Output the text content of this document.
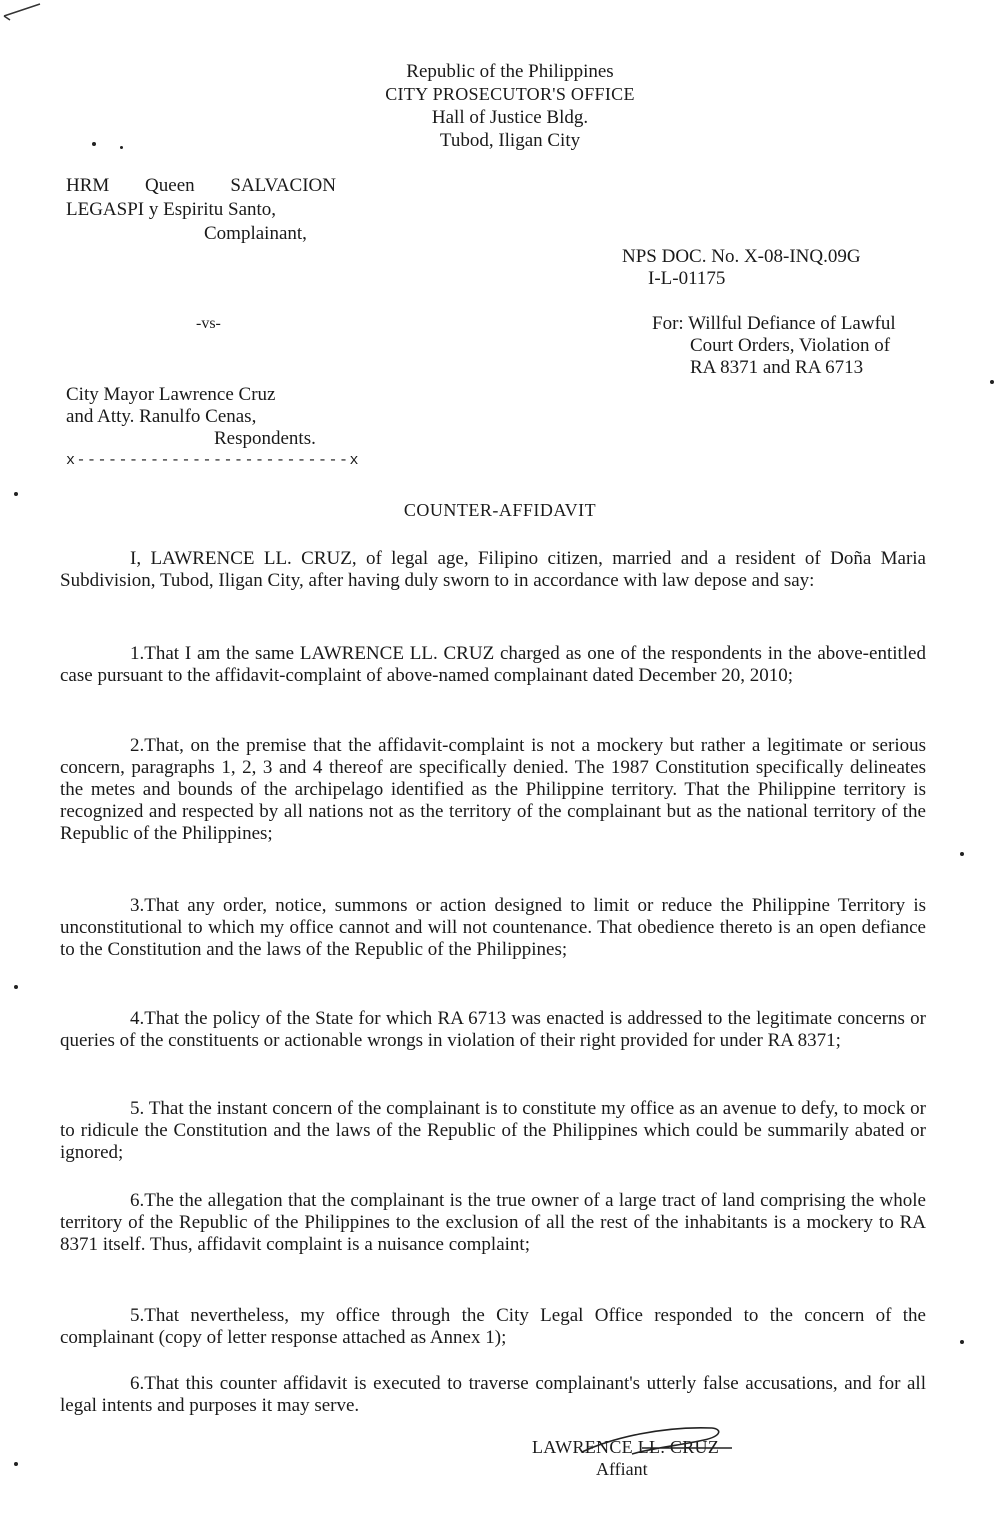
Republic of the Philippines
CITY PROSECUTOR'S OFFICE
Hall of Justice Bldg.
Tubod, Iligan City
HRM Queen SALVACION
LEGASPI y Espiritu Santo,
Complainant,
-vs-
City Mayor Lawrence Cruz
and Atty. Ranulfo Cenas,
Respondents.
x--------------------------x
NPS DOC. No. X-08-INQ.09G
I-L-01175
For: Willful Defiance of Lawful
Court Orders, Violation of
RA 8371 and RA 6713
COUNTER-AFFIDAVIT

I, LAWRENCE LL. CRUZ, of legal age, Filipino citizen, married and a resident of Doña Maria Subdivision, Tubod, Iligan City, after having duly sworn to in accordance with law depose and say:

1.That I am the same LAWRENCE LL. CRUZ charged as one of the respondents in the above-entitled case pursuant to the affidavit-complaint of above-named complainant dated December 20, 2010;

2.That, on the premise that the affidavit-complaint is not a mockery but rather a legitimate or serious concern, paragraphs 1, 2, 3 and 4 thereof are specifically denied. The 1987 Constitution specifically delineates the metes and bounds of the archipelago identified as the Philippine territory. That the Philippine territory is recognized and respected by all nations not as the territory of the complainant but as the national territory of the Republic of the Philippines;

3.That any order, notice, summons or action designed to limit or reduce the Philippine Territory is unconstitutional to which my office cannot and will not countenance. That obedience thereto is an open defiance to the Constitution and the laws of the Republic of the Philippines;

4.That the policy of the State for which RA 6713 was enacted is addressed to the legitimate concerns or queries of the constituents or actionable wrongs in violation of their right provided for under RA 8371;

5. That the instant concern of the complainant is to constitute my office as an avenue to defy, to mock or to ridicule the Constitution and the laws of the Republic of the Philippines which could be summarily abated or ignored;

6.The the allegation that the complainant is the true owner of a large tract of land comprising the whole territory of the Republic of the Philippines to the exclusion of all the rest of the inhabitants is a mockery to RA 8371 itself. Thus, affidavit complaint is a nuisance complaint;

5.That nevertheless, my office through the City Legal Office responded to the concern of the complainant (copy of letter response attached as Annex 1);

6.That this counter affidavit is executed to traverse complainant's utterly false accusations, and for all legal intents and purposes it may serve.

LAWRENCE LL. CRUZ
Affiant
